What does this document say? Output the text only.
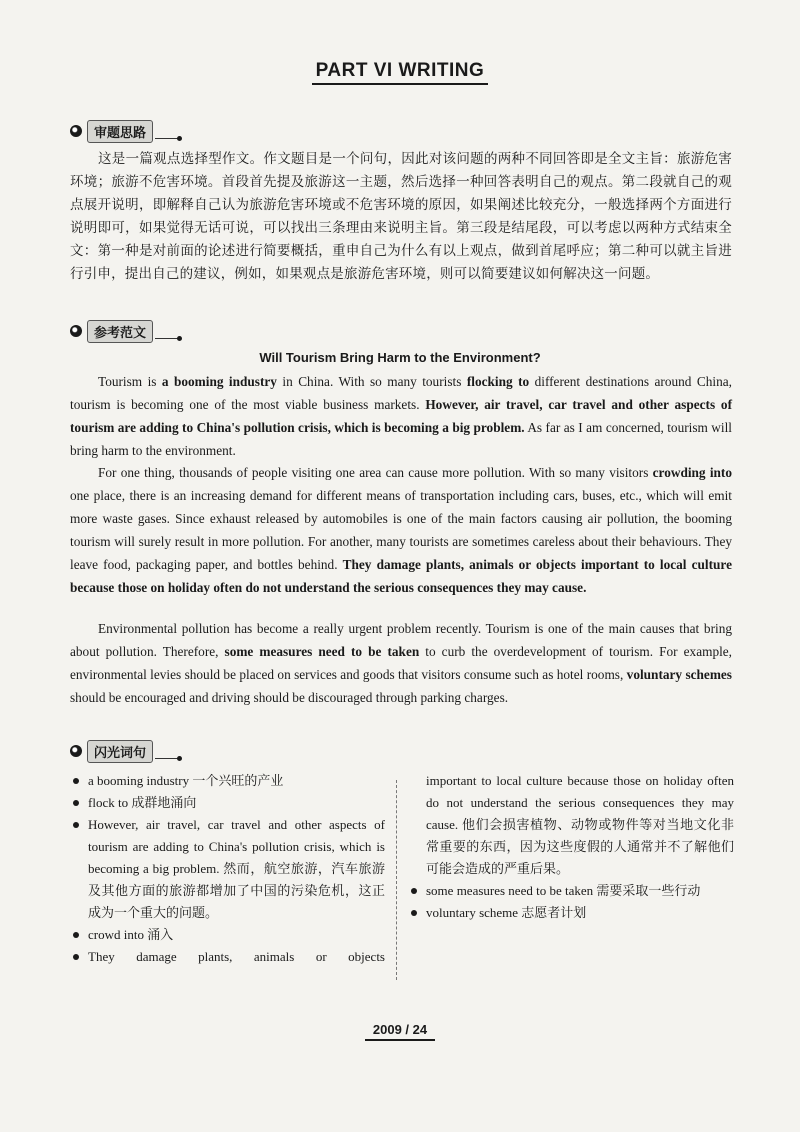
PART VI WRITING
审题思路

这是一篇观点选择型作文。作文题目是一个问句，因此对该问题的两种不同回答即是全文主旨：旅游危害环境；旅游不危害环境。首段首先提及旅游这一主题，然后选择一种回答表明自己的观点。第二段就自己的观点展开说明，即解释自己认为旅游危害环境或不危害环境的原因，如果阐述比较充分，一般选择两个方面进行说明即可，如果觉得无话可说，可以找出三条理由来说明主旨。第三段是结尾段，可以考虑以两种方式结束全文：第一种是对前面的论述进行简要概括，重申自己为什么有以上观点，做到首尾呼应；第二种可以就主旨进行引申，提出自己的建议，例如，如果观点是旅游危害环境，则可以简要建议如何解决这一问题。

参考范文
Will Tourism Bring Harm to the Environment?

Tourism is a booming industry in China. With so many tourists flocking to different destinations around China, tourism is becoming one of the most viable business markets. However, air travel, car travel and other aspects of tourism are adding to China's pollution crisis, which is becoming a big problem. As far as I am concerned, tourism will bring harm to the environment.

For one thing, thousands of people visiting one area can cause more pollution. With so many visitors crowding into one place, there is an increasing demand for different means of transportation including cars, buses, etc., which will emit more waste gases. Since exhaust released by automobiles is one of the main factors causing air pollution, the booming tourism will surely result in more pollution. For another, many tourists are sometimes careless about their behaviours. They leave food, packaging paper, and bottles behind. They damage plants, animals or objects important to local culture because those on holiday often do not understand the serious consequences they may cause.

Environmental pollution has become a really urgent problem recently. Tourism is one of the main causes that bring about pollution. Therefore, some measures need to be taken to curb the overdevelopment of tourism. For example, environmental levies should be placed on services and goods that visitors consume such as hotel rooms, voluntary schemes should be encouraged and driving should be discouraged through parking charges.

闪光词句

a booming industry 一个兴旺的产业

flock to 成群地涌向

However, air travel, car travel and other aspects of tourism are adding to China's pollution crisis, which is becoming a big problem. 然而，航空旅游，汽车旅游及其他方面的旅游都增加了中国的污染危机，这正成为一个重大的问题。

crowd into 涌入

They damage plants, animals or objects

important to local culture because those on holiday often do not understand the serious consequences they may cause. 他们会损害植物、动物或物件等对当地文化非常重要的东西，因为这些度假的人通常并不了解他们可能会造成的严重后果。

some measures need to be taken 需要采取一些行动

voluntary scheme 志愿者计划

2009 / 24
